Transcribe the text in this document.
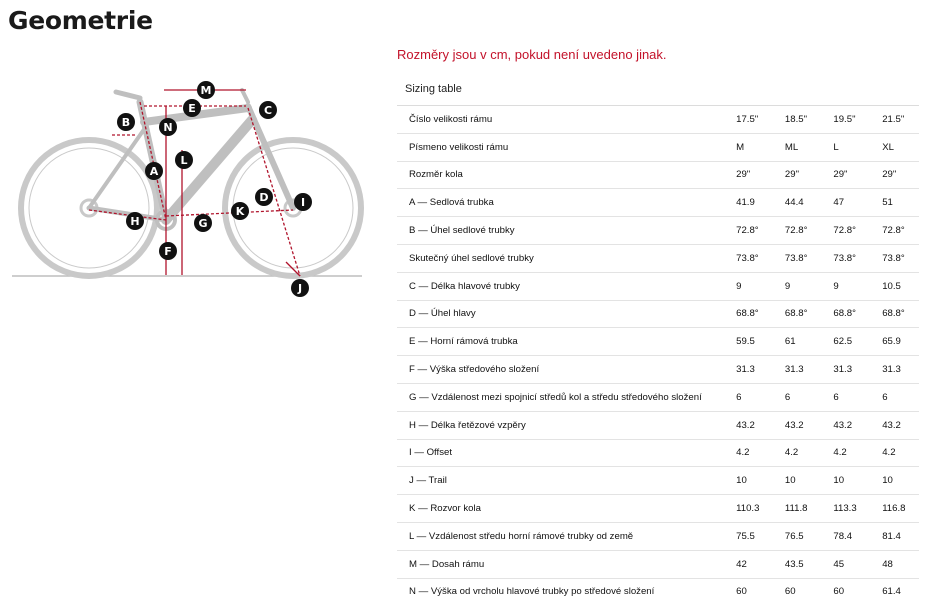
Geometrie
M
E	C
B	N
L
A
D	I
K
H	G
F
J
Rozměry jsou v cm, pokud není uvedeno jinak.
Sizing table
Číslo velikosti rámu	17.5"	18.5"	19.5"	21.5"
Písmeno velikosti rámu	M	ML	L	XL
Rozměr kola	29"	29"	29"	29"
A — Sedlová trubka	41.9	44.4	47	51
B — Úhel sedlové trubky	72.8°	72.8°	72.8°	72.8°
Skutečný úhel sedlové trubky	73.8°	73.8°	73.8°	73.8°
C — Délka hlavové trubky	9	9	9	10.5
D — Úhel hlavy	68.8°	68.8°	68.8°	68.8°
E — Horní rámová trubka	59.5	61	62.5	65.9
F — Výška středového složení	31.3	31.3	31.3	31.3
G — Vzdálenost mezi spojnicí středů kol a středu středového složení	6	6	6	6
H — Délka řetězové vzpěry	43.2	43.2	43.2	43.2
I — Offset	4.2	4.2	4.2	4.2
J — Trail	10	10	10	10
K — Rozvor kola	110.3	111.8	113.3	116.8
L — Vzdálenost středu horní rámové trubky od země	75.5	76.5	78.4	81.4
M — Dosah rámu	42	43.5	45	48
N — Výška od vrcholu hlavové trubky po středové složení	60	60	60	61.4
